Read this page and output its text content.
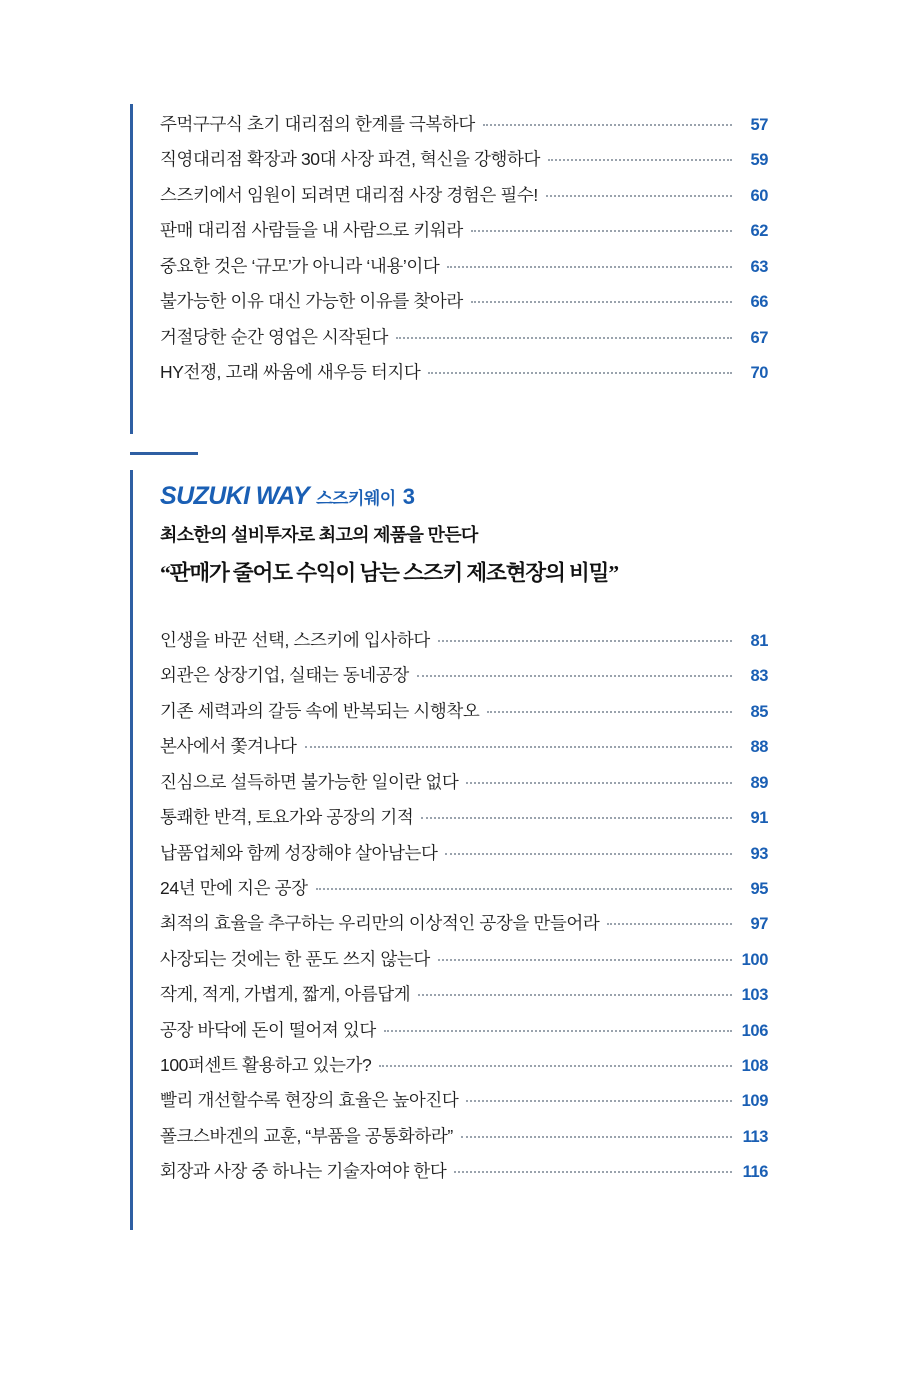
주먹구구식 초기 대리점의 한계를 극복하다	57
직영대리점 확장과 30대 사장 파견, 혁신을 강행하다	59
스즈키에서 임원이 되려면 대리점 사장 경험은 필수!	60
판매 대리점 사람들을 내 사람으로 키워라	62
중요한 것은 ‘규모’가 아니라 ‘내용’이다	63
불가능한 이유 대신 가능한 이유를 찾아라	66
거절당한 순간 영업은 시작된다	67
HY전쟁, 고래 싸움에 새우등 터지다	70
SUZUKI WAY 스즈키웨이 3
최소한의 설비투자로 최고의 제품을 만든다
“판매가 줄어도 수익이 남는 스즈키 제조현장의 비밀”
인생을 바꾼 선택, 스즈키에 입사하다	81
외관은 상장기업, 실태는 동네공장	83
기존 세력과의 갈등 속에 반복되는 시행착오	85
본사에서 쫓겨나다	88
진심으로 설득하면 불가능한 일이란 없다	89
통쾌한 반격, 토요가와 공장의 기적	91
납품업체와 함께 성장해야 살아남는다	93
24년 만에 지은 공장	95
최적의 효율을 추구하는 우리만의 이상적인 공장을 만들어라	97
사장되는 것에는 한 푼도 쓰지 않는다	100
작게, 적게, 가볍게, 짧게, 아름답게	103
공장 바닥에 돈이 떨어져 있다	106
100퍼센트 활용하고 있는가?	108
빨리 개선할수록 현장의 효율은 높아진다	109
폴크스바겐의 교훈, “부품을 공통화하라”	113
회장과 사장 중 하나는 기술자여야 한다	116
